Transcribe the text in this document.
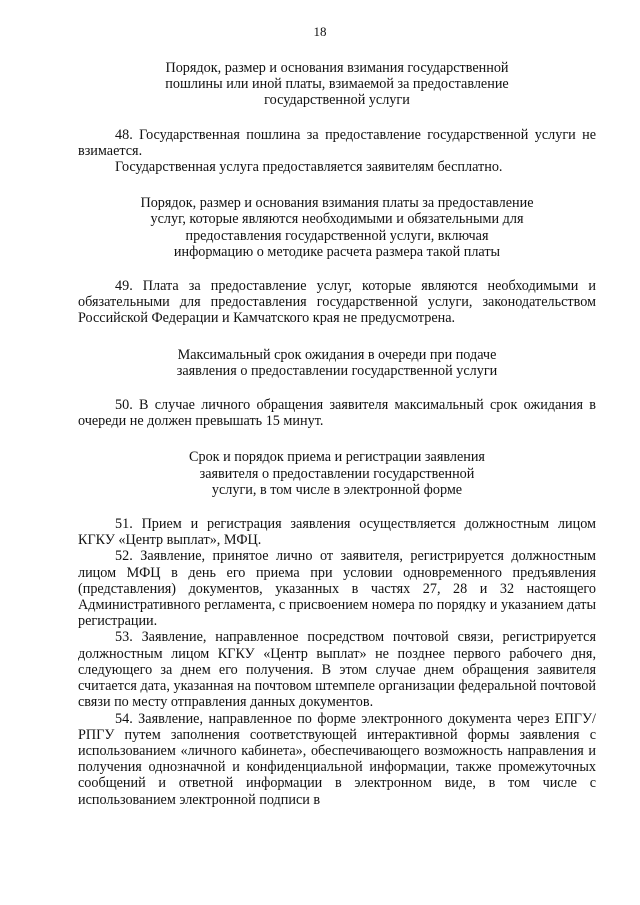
18
Порядок, размер и основания взимания государственной
пошлины или иной платы, взимаемой за предоставление
государственной услуги
48. Государственная пошлина за предоставление государственной услуги не взимается.
Государственная услуга предоставляется заявителям бесплатно.
Порядок, размер и основания взимания платы за предоставление
услуг, которые являются необходимыми и обязательными для
предоставления государственной услуги, включая
информацию о методике расчета размера такой платы
49. Плата за предоставление услуг, которые являются необходимыми и обязательными для предоставления государственной услуги, законодательством Российской Федерации и Камчатского края не предусмотрена.
Максимальный срок ожидания в очереди при подаче
заявления о предоставлении государственной услуги
50. В случае личного обращения заявителя максимальный срок ожидания в очереди не должен превышать 15 минут.
Срок и порядок приема и регистрации заявления
заявителя о предоставлении государственной
услуги, в том числе в электронной форме
51. Прием и регистрация заявления осуществляется должностным лицом КГКУ «Центр выплат», МФЦ.
52. Заявление, принятое лично от заявителя, регистрируется должностным лицом МФЦ в день его приема при условии одновременного предъявления (представления) документов, указанных в частях 27, 28 и 32 настоящего Административного регламента, с присвоением номера по порядку и указанием даты регистрации.
53. Заявление, направленное посредством почтовой связи, регистрируется должностным лицом КГКУ «Центр выплат» не позднее первого рабочего дня, следующего за днем его получения. В этом случае днем обращения заявителя считается дата, указанная на почтовом штемпеле организации федеральной почтовой связи по месту отправления данных документов.
54. Заявление, направленное по форме электронного документа через ЕПГУ/РПГУ путем заполнения соответствующей интерактивной формы заявления с использованием «личного кабинета», обеспечивающего возможность направления и получения однозначной и конфиденциальной информации, также промежуточных сообщений и ответной информации в электронном виде, в том числе с использованием электронной подписи в
